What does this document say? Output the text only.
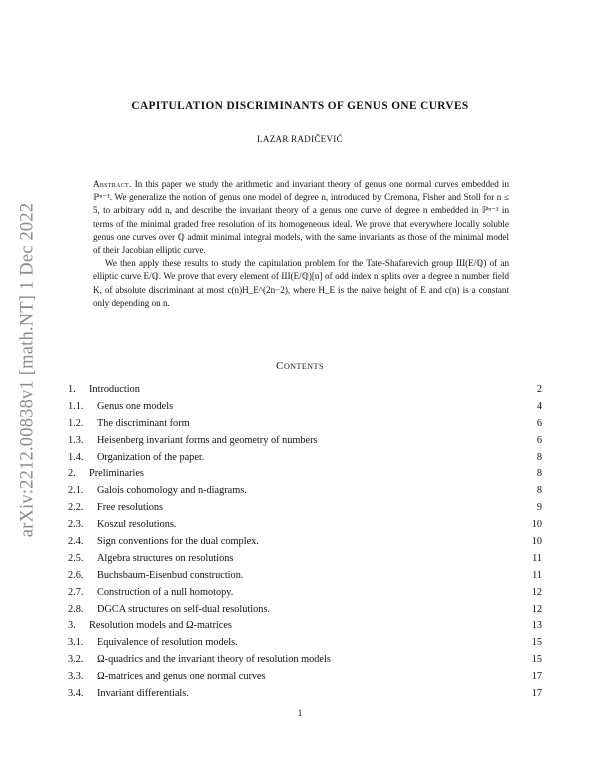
arXiv:2212.00838v1 [math.NT] 1 Dec 2022
CAPITULATION DISCRIMINANTS OF GENUS ONE CURVES
LAZAR RADIČEVIĆ

Abstract. In this paper we study the arithmetic and invariant theory of genus one normal curves embedded in ℙⁿ⁻¹. We generalize the notion of genus one model of degree n, introduced by Cremona, Fisher and Stoll for n ≤ 5, to arbitrary odd n, and describe the invariant theory of a genus one curve of degree n embedded in ℙⁿ⁻¹ in terms of the minimal graded free resolution of its homogeneous ideal. We prove that everywhere locally soluble genus one curves over ℚ admit minimal integral models, with the same invariants as those of the minimal model of their Jacobian elliptic curve.

We then apply these results to study the capitulation problem for the Tate-Shafarevich group Ш(E/ℚ) of an elliptic curve E/ℚ. We prove that every element of Ш(E/ℚ)[n] of odd index n splits over a degree n number field K, of absolute discriminant at most c(n)H_E^(2n−2), where H_E is the naive height of E and c(n) is a constant only depending on n.

Contents
1. Introduction	2
1.1. Genus one models	4
1.2. The discriminant form	6
1.3. Heisenberg invariant forms and geometry of numbers	6
1.4. Organization of the paper.	8
2. Preliminaries	8
2.1. Galois cohomology and n-diagrams.	8
2.2. Free resolutions	9
2.3. Koszul resolutions.	10
2.4. Sign conventions for the dual complex.	10
2.5. Algebra structures on resolutions	11
2.6. Buchsbaum-Eisenbud construction.	11
2.7. Construction of a null homotopy.	12
2.8. DGCA structures on self-dual resolutions.	12
3. Resolution models and Ω-matrices	13
3.1. Equivalence of resolution models.	15
3.2. Ω-quadrics and the invariant theory of resolution models	15
3.3. Ω-matrices and genus one normal curves	17
3.4. Invariant differentials.	17
1
